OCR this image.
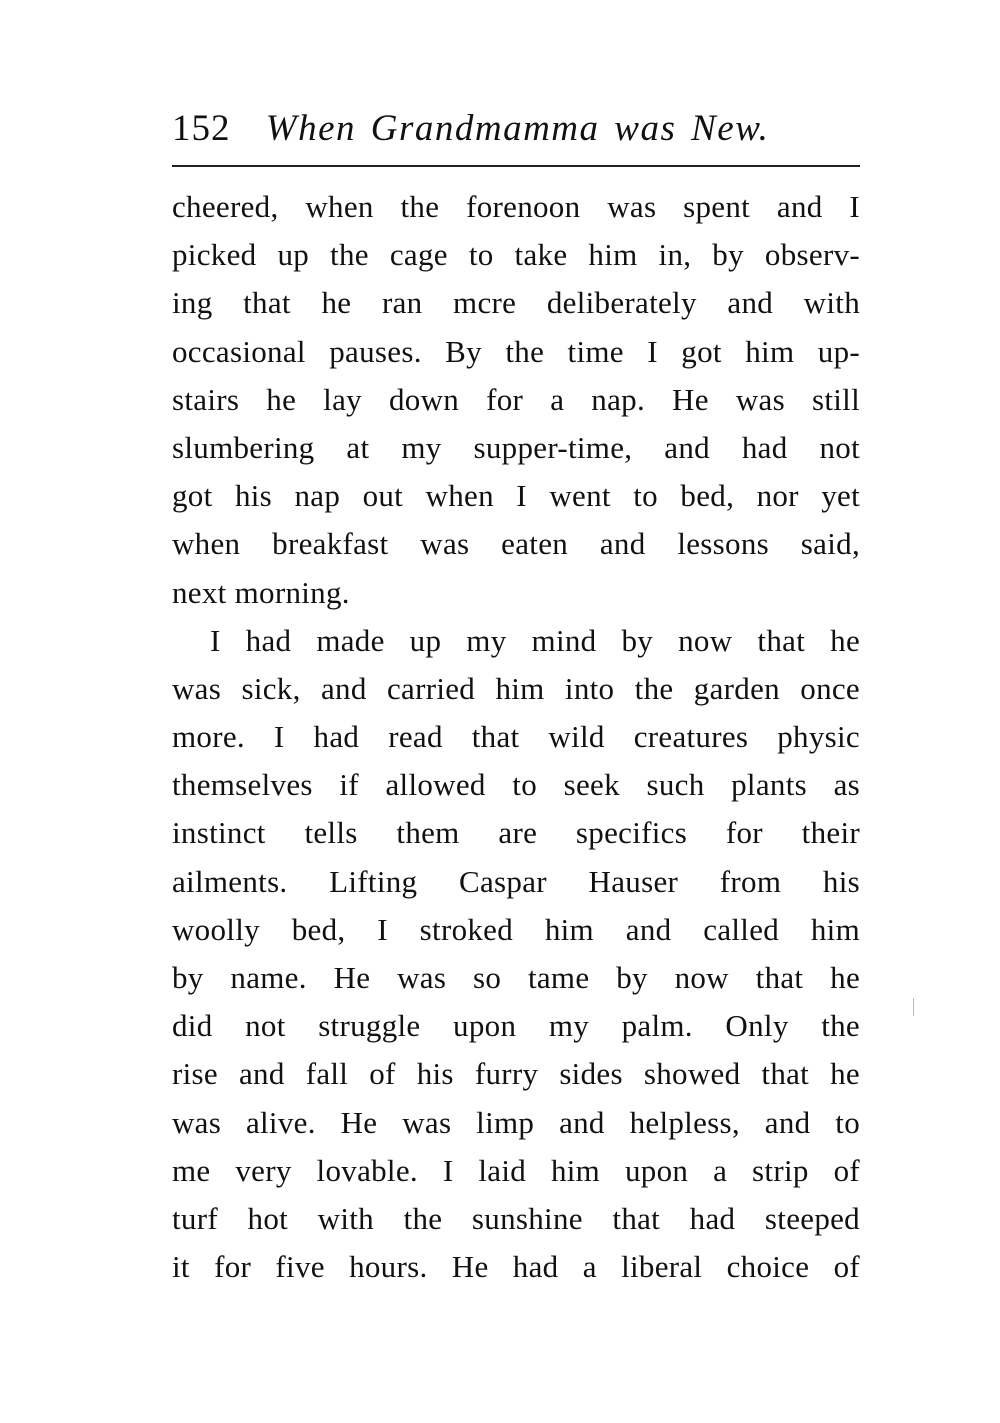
152 When Grandmamma was New.
cheered, when the forenoon was spent and I
picked up the cage to take him in, by observ-
ing that he ran mcre deliberately and with
occasional pauses. By the time I got him up-
stairs he lay down for a nap. He was still
slumbering at my supper-time, and had not
got his nap out when I went to bed, nor yet
when breakfast was eaten and lessons said,
next morning.
I had made up my mind by now that he
was sick, and carried him into the garden once
more. I had read that wild creatures physic
themselves if allowed to seek such plants as
instinct tells them are specifics for their
ailments. Lifting Caspar Hauser from his
woolly bed, I stroked him and called him
by name. He was so tame by now that he
did not struggle upon my palm. Only the
rise and fall of his furry sides showed that he
was alive. He was limp and helpless, and to
me very lovable. I laid him upon a strip of
turf hot with the sunshine that had steeped
it for five hours. He had a liberal choice of
